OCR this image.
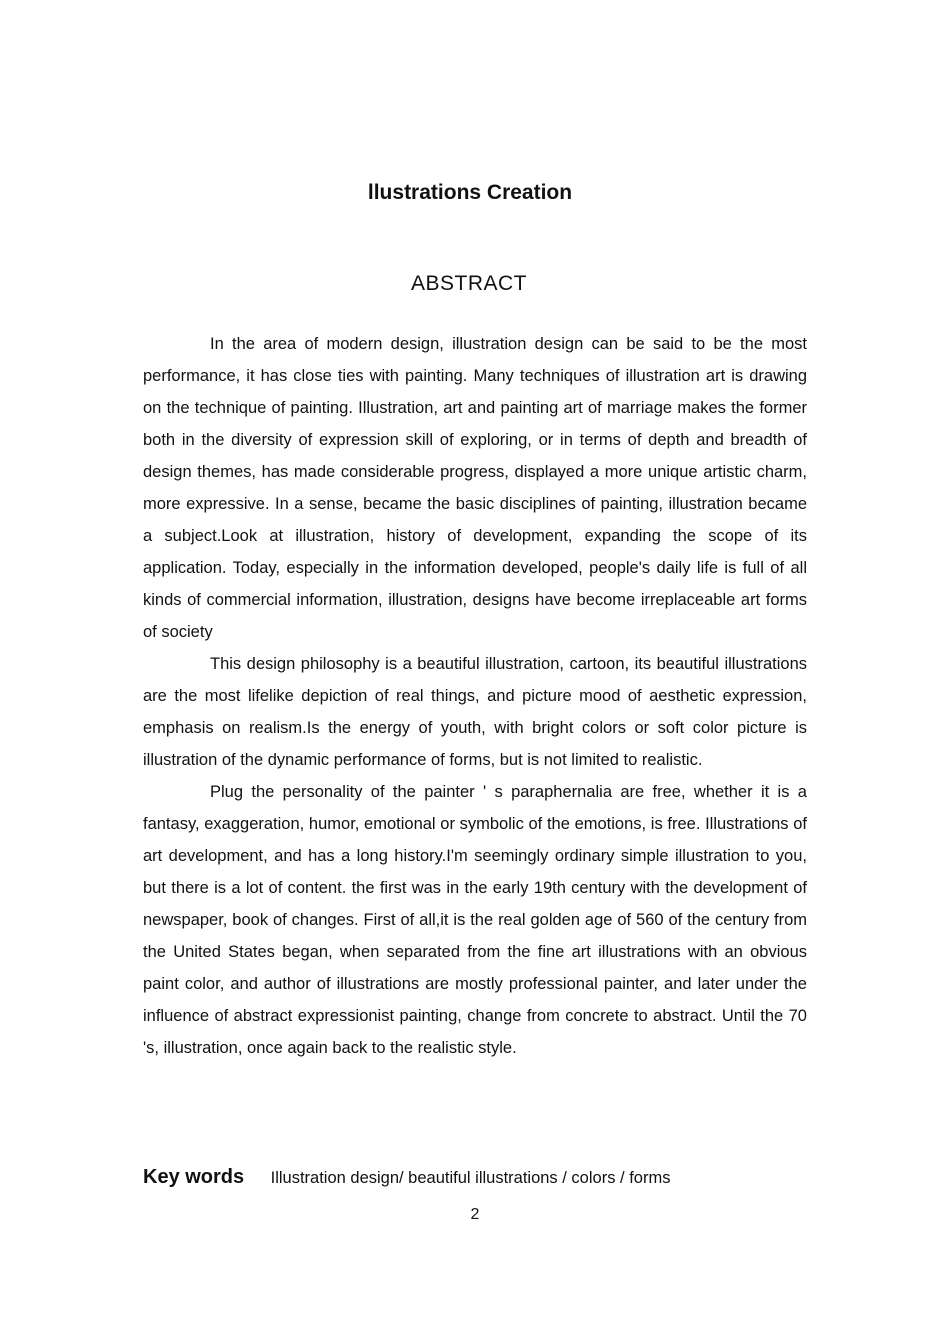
llustrations Creation
ABSTRACT

In the area of modern design, illustration design can be said to be the most performance, it has close ties with painting. Many techniques of illustration art is drawing on the technique of painting. Illustration, art and painting art of marriage makes the former both in the diversity of expression skill of exploring, or in terms of depth and breadth of design themes, has made considerable progress, displayed a more unique artistic charm, more expressive. In a sense, became the basic disciplines of painting, illustration became a subject.Look at illustration, history of development, expanding the scope of its application. Today, especially in the information developed, people's daily life is full of all kinds of commercial information, illustration, designs have become irreplaceable art forms of society

This design philosophy is a beautiful illustration, cartoon, its beautiful illustrations are the most lifelike depiction of real things, and picture mood of aesthetic expression, emphasis on realism.Is the energy of youth, with bright colors or soft color picture is illustration of the dynamic performance of forms, but is not limited to realistic.

Plug the personality of the painter ' s paraphernalia are free, whether it is a fantasy, exaggeration, humor, emotional or symbolic of the emotions, is free. Illustrations of art development, and has a long history.I'm seemingly ordinary simple illustration to you, but there is a lot of content. the first was in the early 19th century with the development of newspaper, book of changes. First of all,it is the real golden age of 560 of the century from the United States began, when separated from the fine art illustrations with an obvious paint color, and author of illustrations are mostly professional painter, and later under the influence of abstract expressionist painting, change from concrete to abstract. Until the 70 's, illustration, once again back to the realistic style.

Key words Illustration design/ beautiful illustrations / colors / forms
2
